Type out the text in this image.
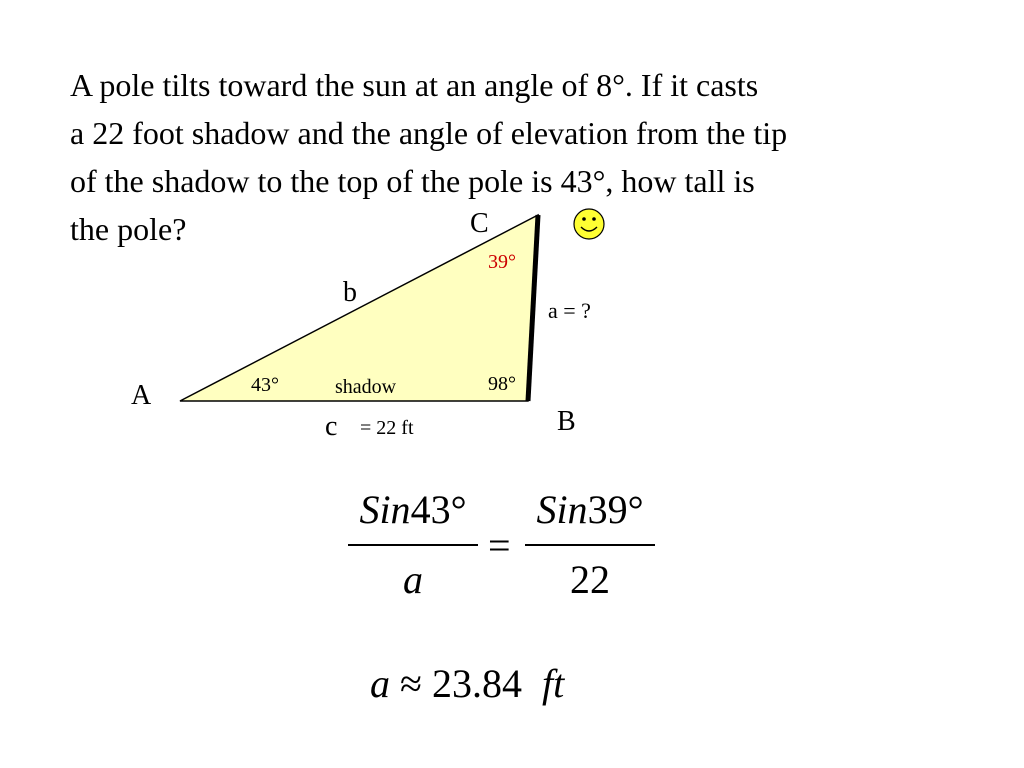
A pole tilts toward the sun at an angle of 8°. If it casts
a 22 foot shadow and the angle of elevation from the tip
of the shadow to the top of the pole is 43°, how tall is
the pole?
A
B
C
b
a = ?
c = 22 ft
shadow
43°	98°
39°
Sin43°
a
=
Sin39°
22
a ≈ 23.84 ft
